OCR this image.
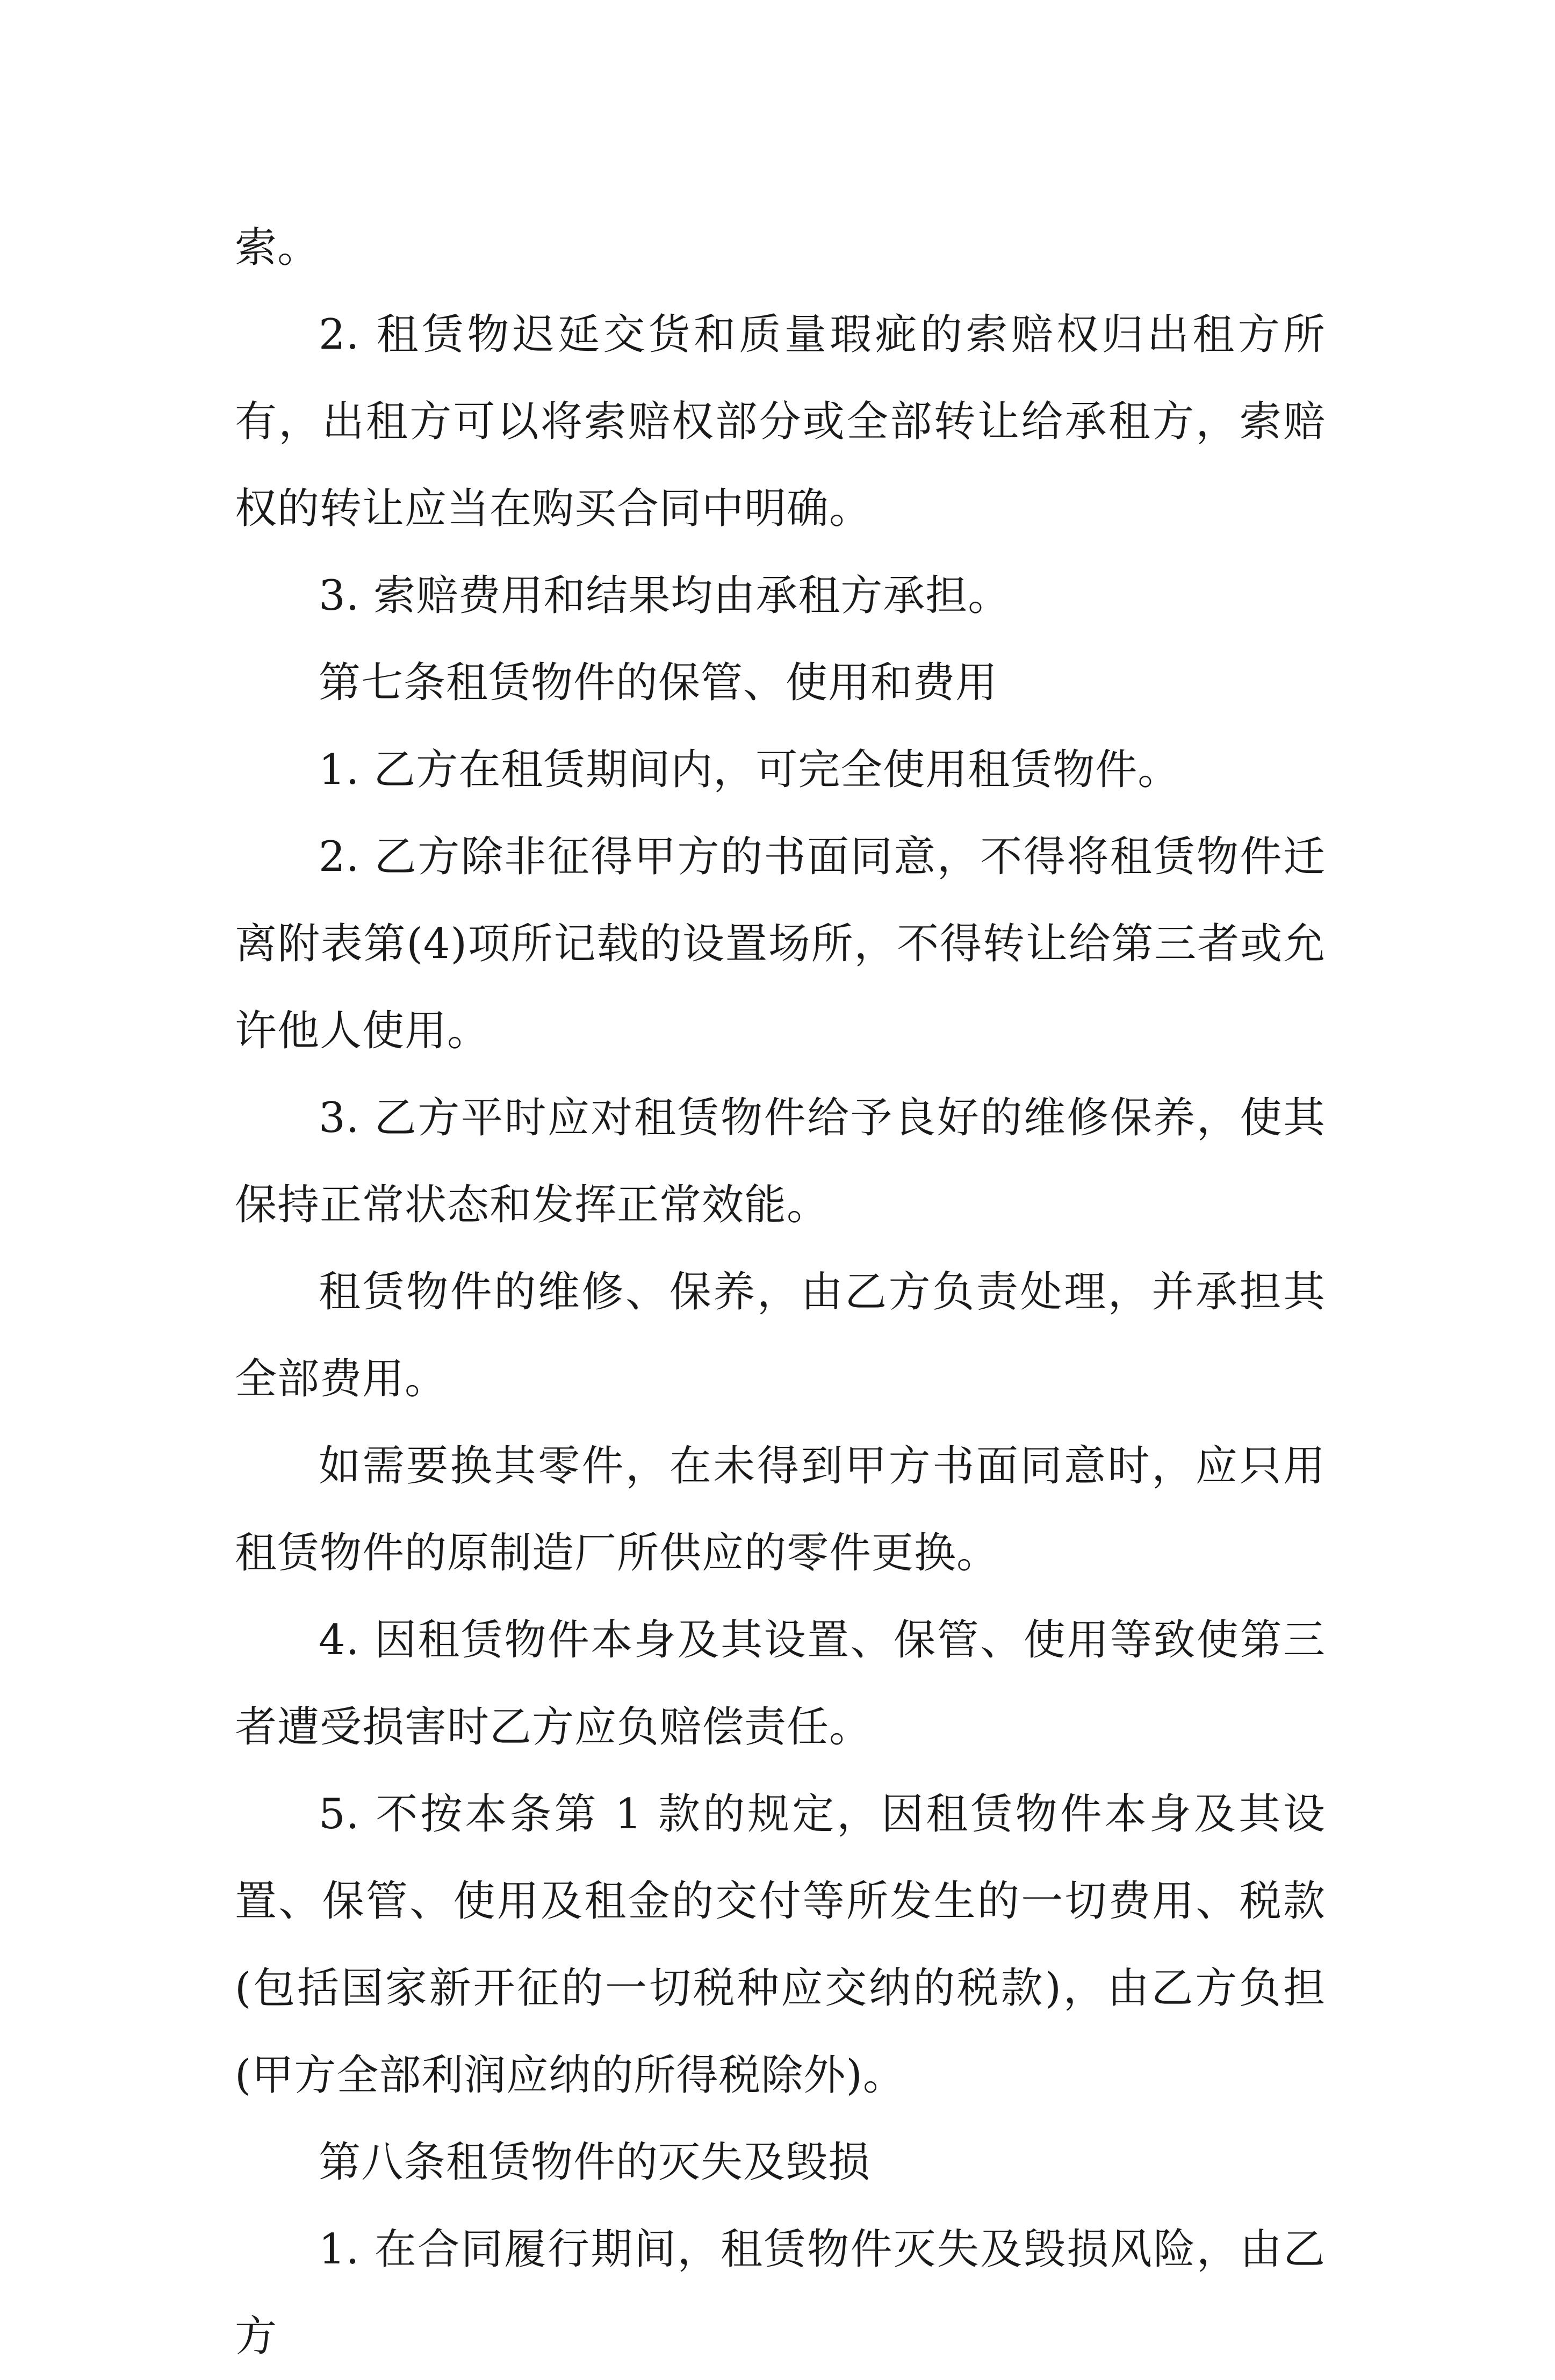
索。

2. 租赁物迟延交货和质量瑕疵的索赔权归出租方所有，出租方可以将索赔权部分或全部转让给承租方，索赔权的转让应当在购买合同中明确。

3. 索赔费用和结果均由承租方承担。

第七条租赁物件的保管、使用和费用

1. 乙方在租赁期间内，可完全使用租赁物件。

2. 乙方除非征得甲方的书面同意，不得将租赁物件迁离附表第(4)项所记载的设置场所，不得转让给第三者或允许他人使用。

3. 乙方平时应对租赁物件给予良好的维修保养，使其保持正常状态和发挥正常效能。

租赁物件的维修、保养，由乙方负责处理，并承担其全部费用。

如需要换其零件，在未得到甲方书面同意时，应只用租赁物件的原制造厂所供应的零件更换。

4. 因租赁物件本身及其设置、保管、使用等致使第三者遭受损害时乙方应负赔偿责任。

5. 不按本条第 1 款的规定，因租赁物件本身及其设置、保管、使用及租金的交付等所发生的一切费用、税款(包括国家新开征的一切税种应交纳的税款)，由乙方负担(甲方全部利润应纳的所得税除外)。

第八条租赁物件的灭失及毁损

1. 在合同履行期间，租赁物件灭失及毁损风险，由乙方
